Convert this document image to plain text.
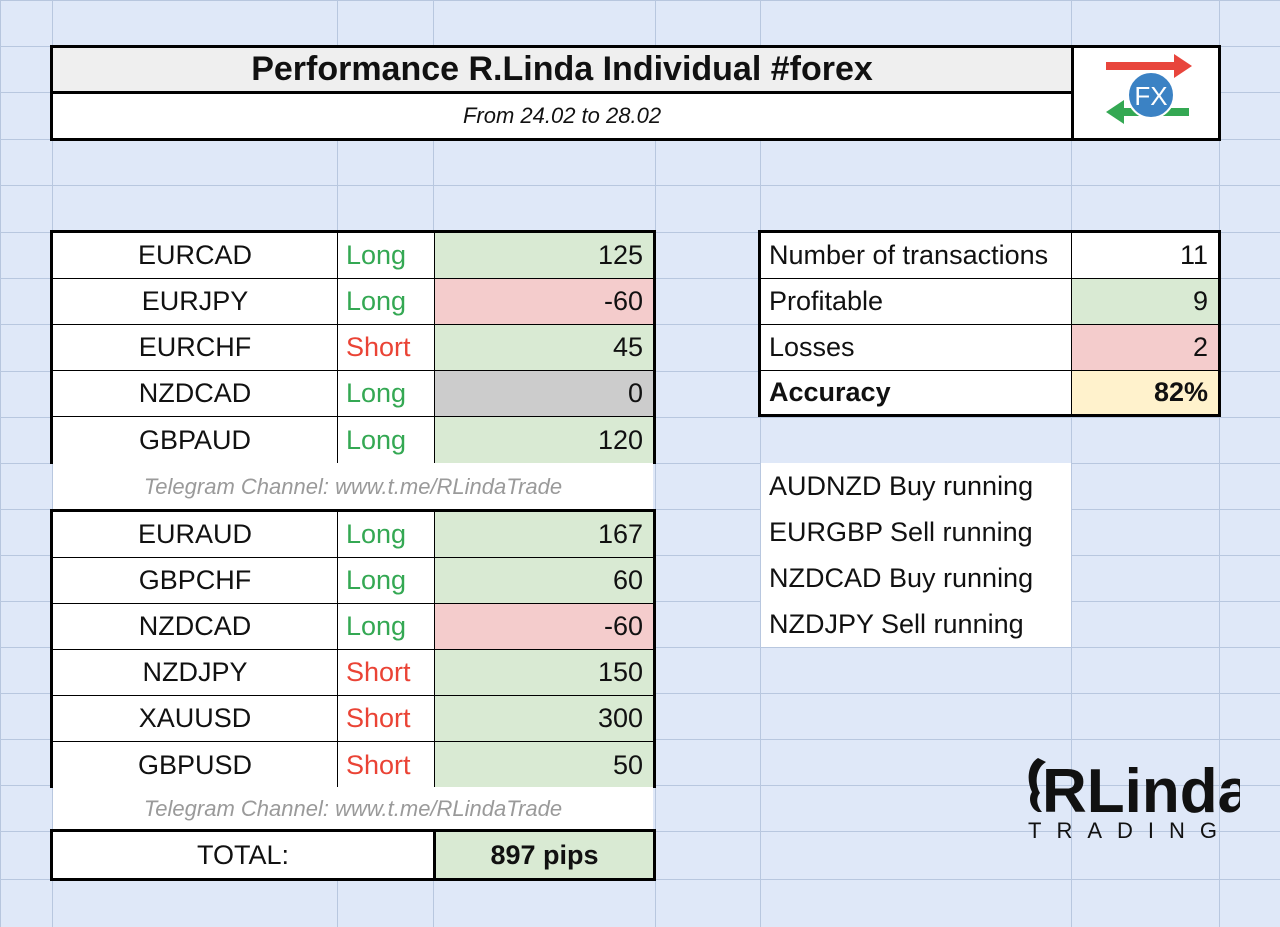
Performance R.Linda Individual #forex
From 24.02 to 28.02
FX
EURCAD	Long	125
EURJPY	Long	-60
EURCHF	Short	45
NZDCAD	Long	0
GBPAUD	Long	120
Telegram Channel: www.t.me/RLindaTrade
EURAUD	Long	167
GBPCHF	Long	60
NZDCAD	Long	-60
NZDJPY	Short	150
XAUUSD	Short	300
GBPUSD	Short	50
Telegram Channel: www.t.me/RLindaTrade
TOTAL:	897 pips
Number of transactions	11
Profitable	9
Losses	2
Accuracy	82%
AUDNZD Buy running
EURGBP Sell running
NZDCAD Buy running
NZDJPY Sell running
RLinda
TRADING
